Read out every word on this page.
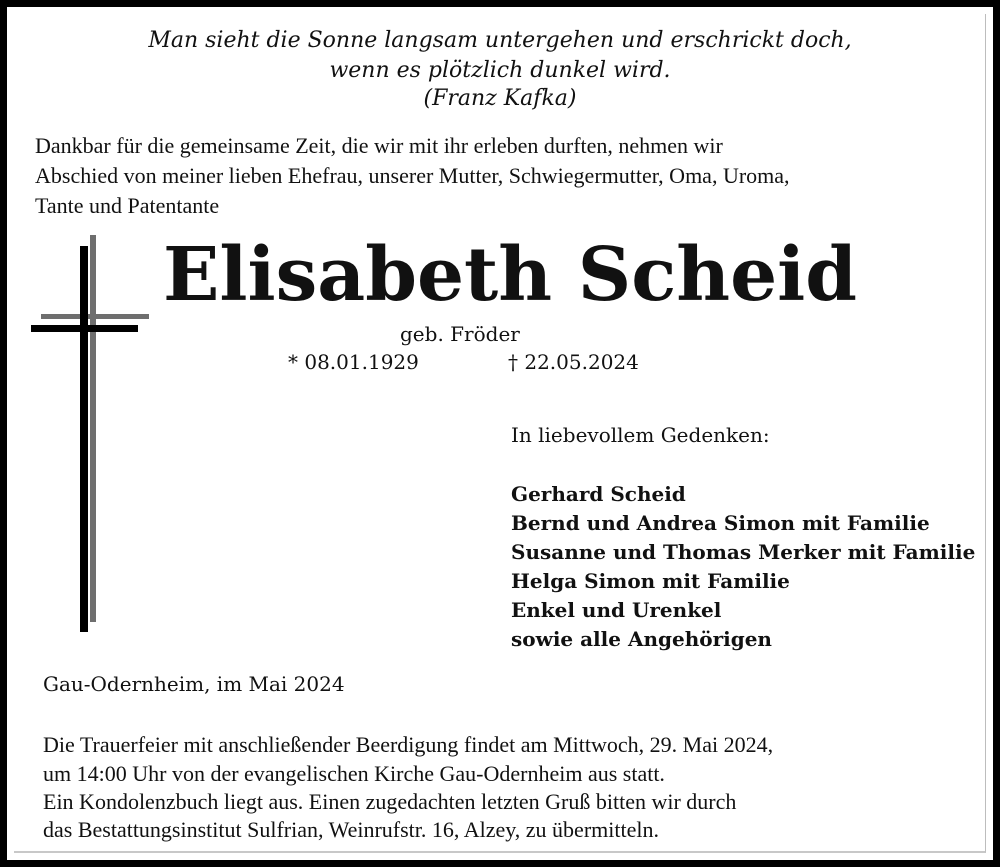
Man sieht die Sonne langsam untergehen und erschrickt doch,
wenn es plötzlich dunkel wird.
(Franz Kafka)
Dankbar für die gemeinsame Zeit, die wir mit ihr erleben durften, nehmen wir
Abschied von meiner lieben Ehefrau, unserer Mutter, Schwiegermutter, Oma, Uroma,
Tante und Patentante
Elisabeth Scheid
geb. Fröder
* 08.01.1929	† 22.05.2024
In liebevollem Gedenken:
Gerhard Scheid
Bernd und Andrea Simon mit Familie
Susanne und Thomas Merker mit Familie
Helga Simon mit Familie
Enkel und Urenkel
sowie alle Angehörigen
Gau-Odernheim, im Mai 2024
Die Trauerfeier mit anschließender Beerdigung findet am Mittwoch, 29. Mai 2024,
um 14:00 Uhr von der evangelischen Kirche Gau-Odernheim aus statt.
Ein Kondolenzbuch liegt aus. Einen zugedachten letzten Gruß bitten wir durch
das Bestattungsinstitut Sulfrian, Weinrufstr. 16, Alzey, zu übermitteln.
